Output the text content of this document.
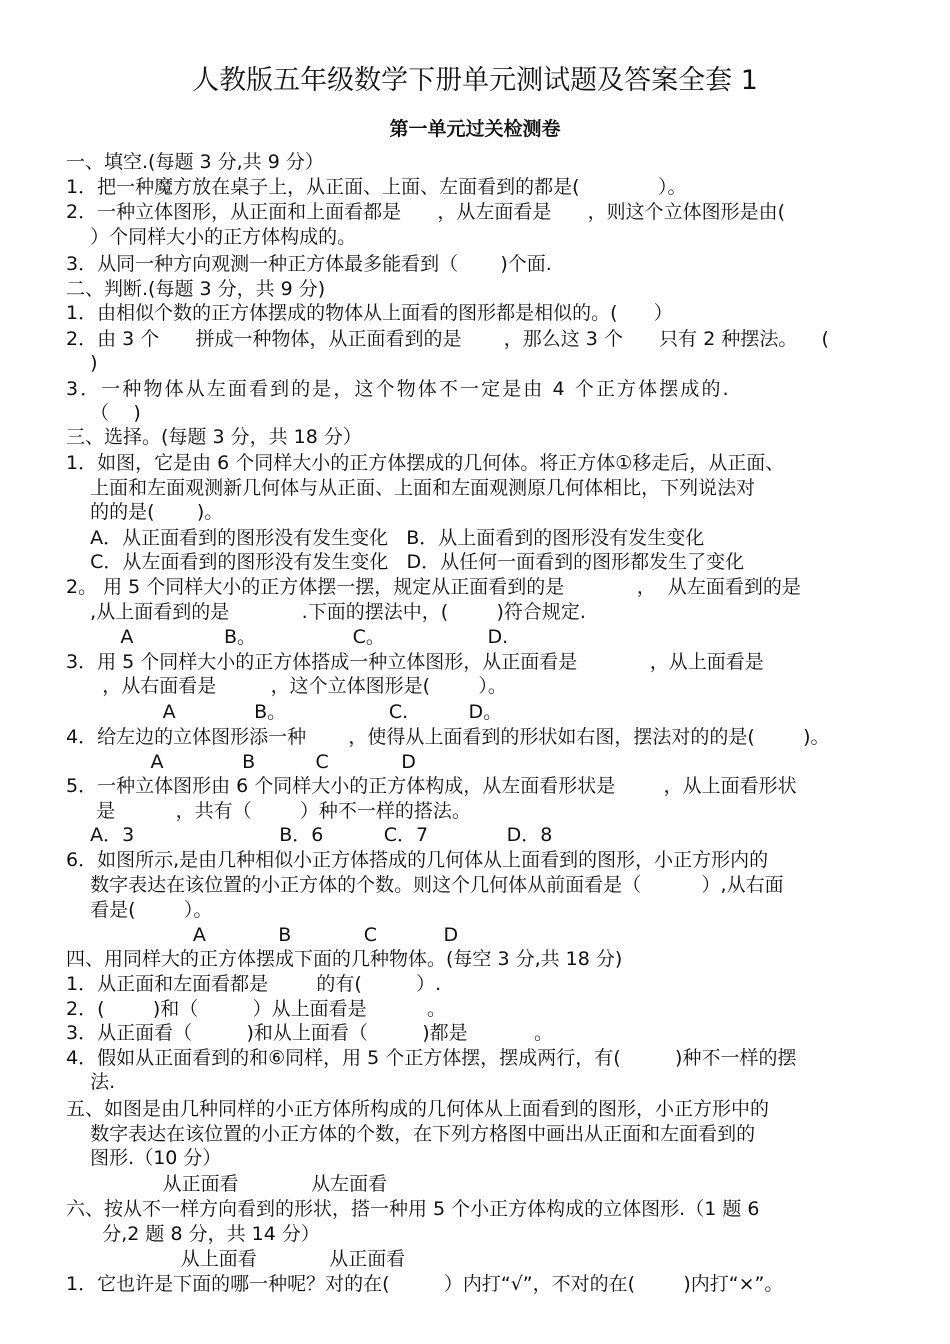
人教版五年级数学下册单元测试题及答案全套 1
第一单元过关检测卷
一、填空.(每题 3 分,共 9 分）
1．把一种魔方放在桌子上，从正面、上面、左面看到的都是(             ）。
2．一种立体图形，从正面和上面看都是      ，从左面看是      ，则这个立体图形是由(
）个同样大小的正方体构成的。
3．从同一种方向观测一种正方体最多能看到（       )个面.
二、判断.(每题 3 分，共 9 分)
1．由相似个数的正方体摆成的物体从上面看的图形都是相似的。(      ）
2．由 3 个      拼成一种物体，从正面看到的是       ，那么这 3 个      只有 2 种摆法。    (
)
3．一种物体从左面看到的是，这个物体不一定是由 4 个正方体摆成的.
（    )
三、选择。(每题 3 分，共 18 分）
1．如图，它是由 6 个同样大小的正方体摆成的几何体。将正方体①移走后，从正面、
上面和左面观测新几何体与从正面、上面和左面观测原几何体相比，下列说法对
的的是(       )。
A．从正面看到的图形没有发生变化   B．从上面看到的图形没有发生变化
C．从左面看到的图形没有发生变化   D．从任何一面看到的图形都发生了变化
2。 用 5 个同样大小的正方体摆一摆，规定从正面看到的是            ，  从左面看到的是
,从上面看到的是            .下面的摆法中，(        )符合规定.
A               B。                C。                 D.
3．用 5 个同样大小的正方体搭成一种立体图形，从正面看是            ，从上面看是
，从右面看是         ，这个立体图形是(        ）。
A             B。                 C.          D。
4．给左边的立体图形添一种       ，使得从上面看到的形状如右图，摆法对的的是(        )。
A             B          C            D
5．一种立体图形由 6 个同样大小的正方体构成，从左面看形状是        ，从上面看形状
是          ，共有（        ）种不一样的搭法。
A．3                        B．6          C．7             D．8
6．如图所示,是由几种相似小正方体搭成的几何体从上面看到的图形，小正方形内的
数字表达在该位置的小正方体的个数。则这个几何体从前面看是（          ）,从右面
看是(        ）。
A            B            C           D
四、用同样大的正方体摆成下面的几种物体。(每空 3 分,共 18 分)
1．从正面和左面看都是        的有(         ）.
2．(        )和（         ）从上面看是          。
3．从正面看（         )和从上面看（         )都是           。
4．假如从正面看到的和⑥同样，用 5 个正方体摆，摆成两行，有(         )种不一样的摆
法.
五、如图是由几种同样的小正方体所构成的几何体从上面看到的图形，小正方形中的
数字表达在该位置的小正方体的个数，在下列方格图中画出从正面和左面看到的
图形.（10 分）
从正面看            从左面看
六、按从不一样方向看到的形状，搭一种用 5 个小正方体构成的立体图形.（1 题 6
分,2 题 8 分，共 14 分）
从上面看            从正面看
1．它也许是下面的哪一种呢？对的在(         ）内打“√”，不对的在(        )内打“×”。
